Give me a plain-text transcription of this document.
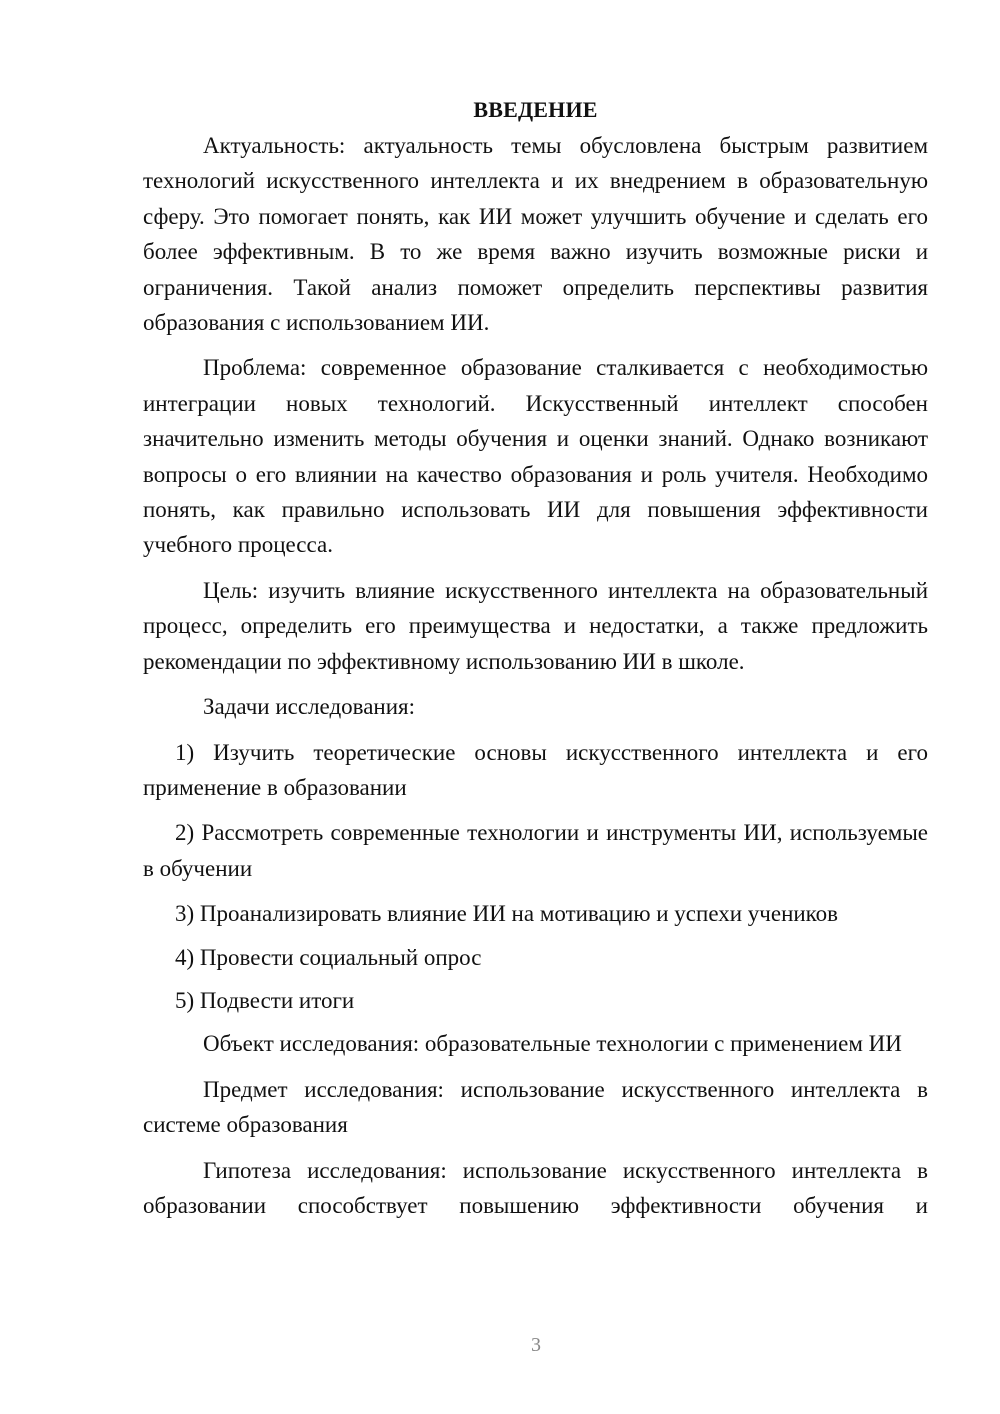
ВВЕДЕНИЕ

Актуальность: актуальность темы обусловлена быстрым развитием технологий искусственного интеллекта и их внедрением в образовательную сферу. Это помогает понять, как ИИ может улучшить обучение и сделать его более эффективным. В то же время важно изучить возможные риски и ограничения. Такой анализ поможет определить перспективы развития образования с использованием ИИ.

Проблема: современное образование сталкивается с необходимостью интеграции новых технологий. Искусственный интеллект способен значительно изменить методы обучения и оценки знаний. Однако возникают вопросы о его влиянии на качество образования и роль учителя. Необходимо понять, как правильно использовать ИИ для повышения эффективности учебного процесса.

Цель: изучить влияние искусственного интеллекта на образовательный процесс, определить его преимущества и недостатки, а также предложить рекомендации по эффективному использованию ИИ в школе.

Задачи исследования:

1) Изучить теоретические основы искусственного интеллекта и его применение в образовании

2) Рассмотреть современные технологии и инструменты ИИ, используемые в обучении

3) Проанализировать влияние ИИ на мотивацию и успехи учеников

4) Провести социальный опрос

5) Подвести итоги

Объект исследования: образовательные технологии с применением ИИ

Предмет исследования: использование искусственного интеллекта в системе образования

Гипотеза исследования: использование искусственного интеллекта в образовании способствует повышению эффективности обучения и

3
